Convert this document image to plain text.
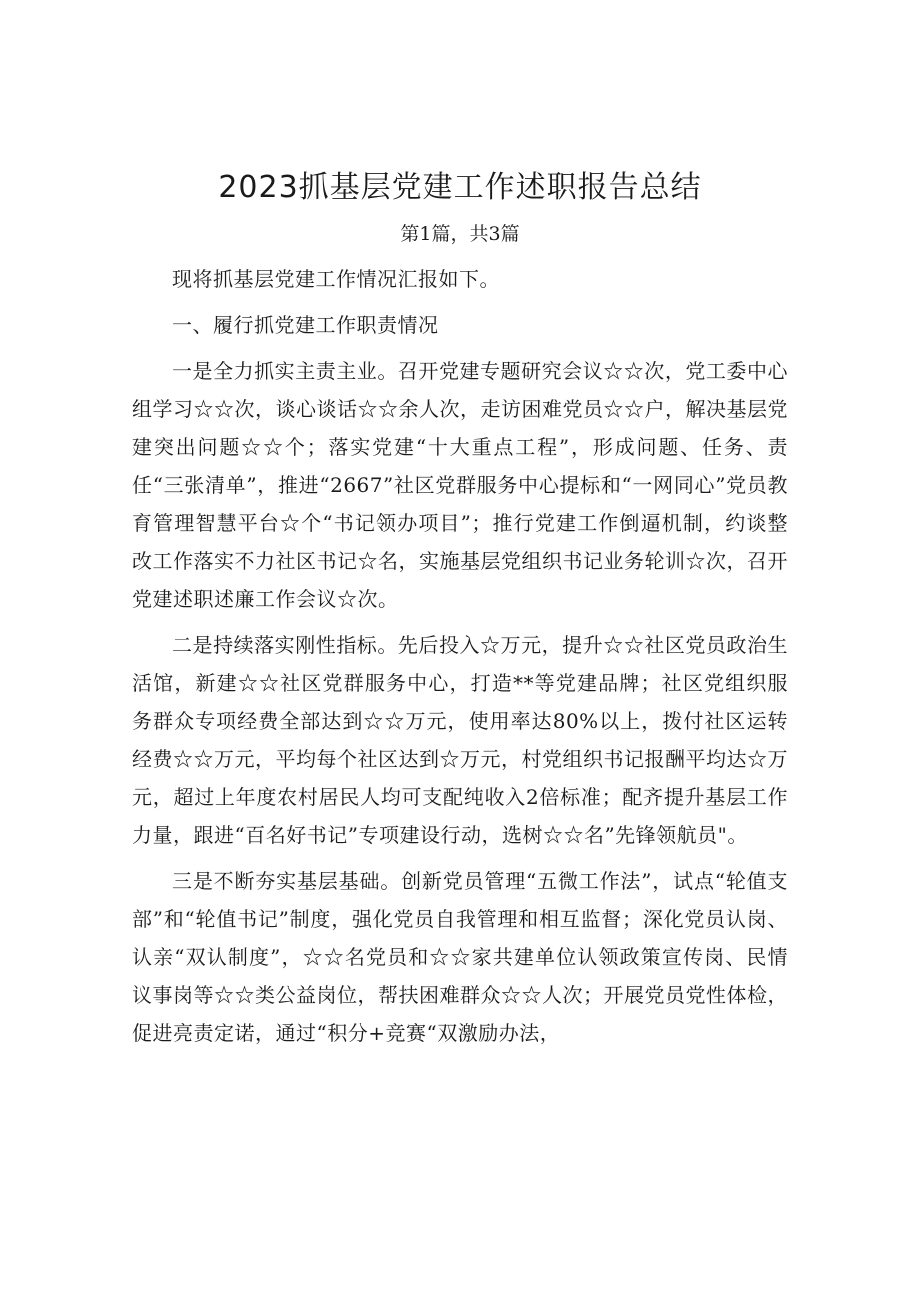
2023抓基层党建工作述职报告总结

第1篇，共3篇

现将抓基层党建工作情况汇报如下。

一、履行抓党建工作职责情况

一是全力抓实主责主业。召开党建专题研究会议☆☆次，党工委中心组学习☆☆次，谈心谈话☆☆余人次，走访困难党员☆☆户，解决基层党建突出问题☆☆个；落实党建“十大重点工程”，形成问题、任务、责任“三张清单”，推进“2667”社区党群服务中心提标和“一网同心”党员教育管理智慧平台☆个“书记领办项目”；推行党建工作倒逼机制，约谈整改工作落实不力社区书记☆名，实施基层党组织书记业务轮训☆次，召开党建述职述廉工作会议☆次。

二是持续落实刚性指标。先后投入☆万元，提升☆☆社区党员政治生活馆，新建☆☆社区党群服务中心，打造**等党建品牌；社区党组织服务群众专项经费全部达到☆☆万元，使用率达80%以上，拨付社区运转经费☆☆万元，平均每个社区达到☆万元，村党组织书记报酬平均达☆万元，超过上年度农村居民人均可支配纯收入2倍标准；配齐提升基层工作力量，跟进“百名好书记”专项建设行动，选树☆☆名”先锋领航员"。

三是不断夯实基层基础。创新党员管理“五微工作法”，试点“轮值支部”和“轮值书记”制度，强化党员自我管理和相互监督；深化党员认岗、认亲“双认制度”，☆☆名党员和☆☆家共建单位认领政策宣传岗、民情议事岗等☆☆类公益岗位，帮扶困难群众☆☆人次；开展党员党性体检，促进亮责定诺，通过“积分+竞赛“双激励办法，
